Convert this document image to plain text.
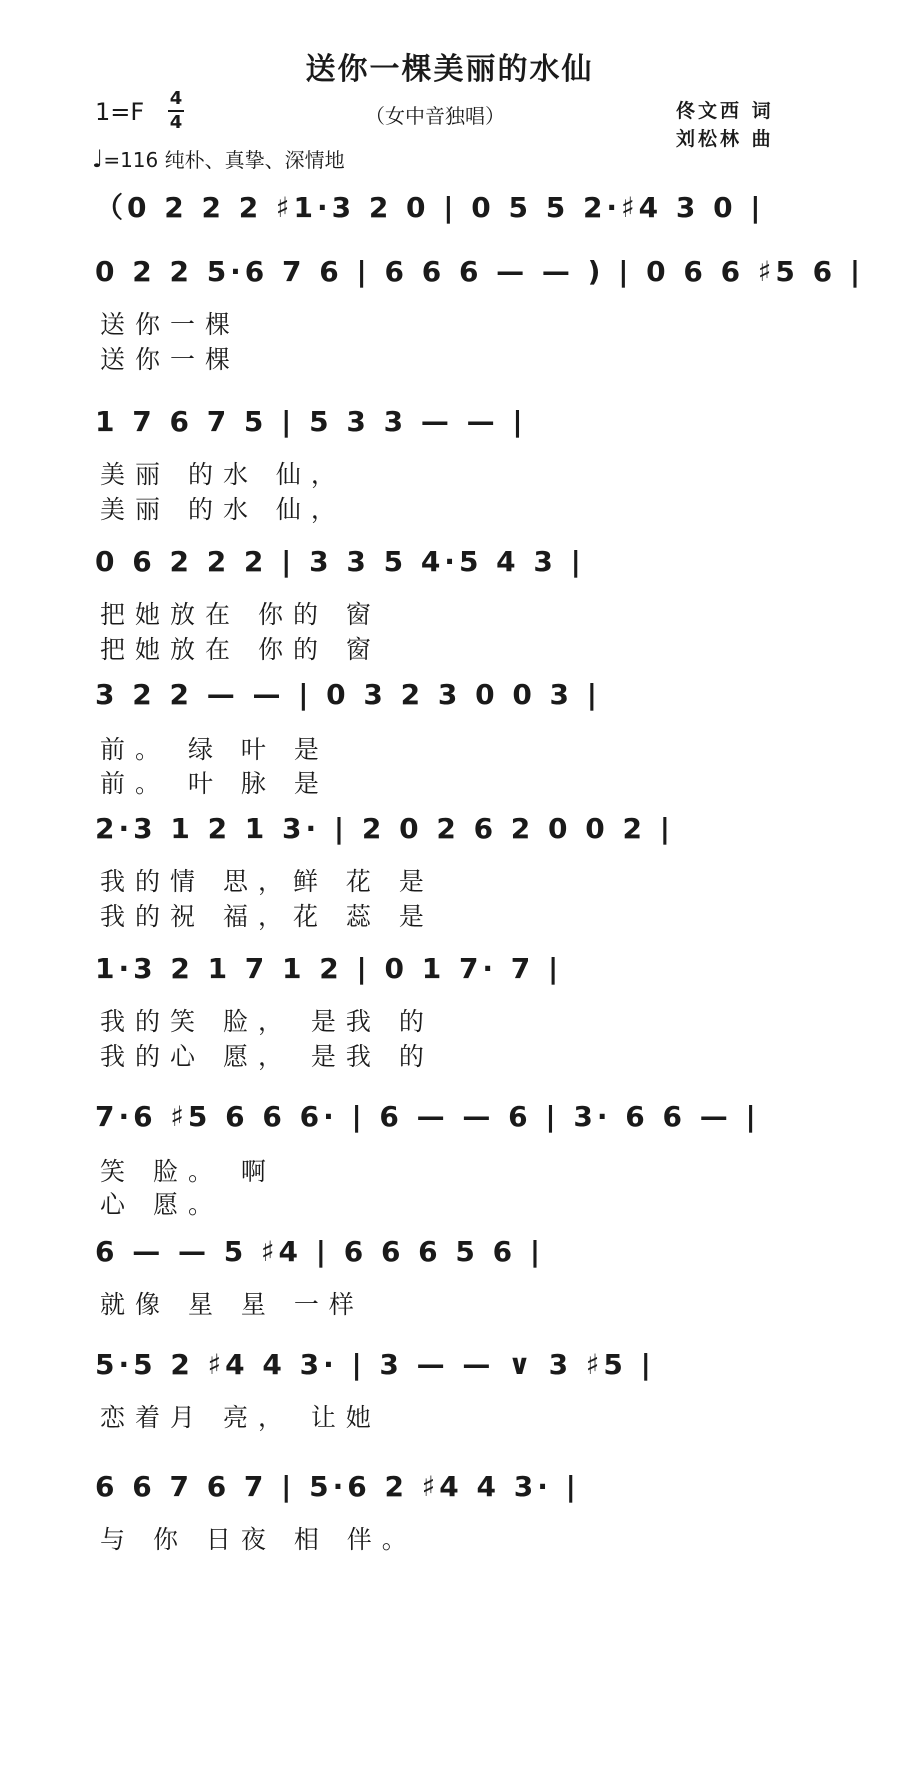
送你一棵美丽的水仙
1=F 4
4	（女中音独唱）	佟文西 词
刘松林 曲
♩=116 纯朴、真挚、深情地
（0 2 2 2 ♯1·3 2 0 | 0 5 5 2·♯4 3 0 |
0 2 2 5·6 7 6 | 6 6 6 — — ) | 0 6 6 ♯5 6 |
送你一棵
送你一棵
1 7 6 7 5 | 5 3 3 — — |
美丽 的水 仙，
美丽 的水 仙，
0 6 2 2 2 | 3 3 5 4·5 4 3 |
把她放在 你的 窗
把她放在 你的 窗
3 2 2 — — | 0 3 2 3 0 0 3 |
前。 绿 叶 是
前。 叶 脉 是
2·3 1 2 1 3· | 2 0 2 6 2 0 0 2 |
我的情 思，鲜 花 是
我的祝 福，花 蕊 是
1·3 2 1 7 1 2 | 0 1 7· 7 |
我的笑 脸， 是我 的
我的心 愿， 是我 的
7·6 ♯5 6 6 6· | 6 — — 6 | 3· 6 6 — |
笑 脸。 啊
心 愿。
6 — — 5 ♯4 | 6 6 6 5 6 |
就像 星 星 一样
5·5 2 ♯4 4 3· | 3 — — ∨ 3 ♯5 |
恋着月 亮， 让她
6 6 7 6 7 | 5·6 2 ♯4 4 3· |
与 你 日夜 相 伴。
